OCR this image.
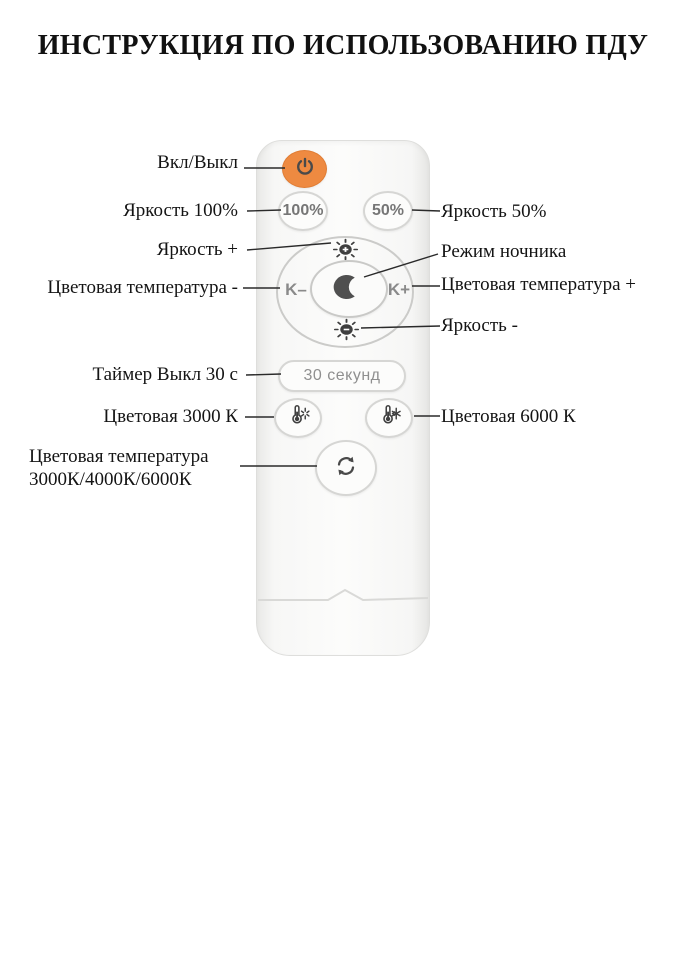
ИНСТРУКЦИЯ ПО ИСПОЛЬЗОВАНИЮ ПДУ
100%	50%
K–	K+
30 секунд
Вкл/Выкл
Яркость 100%
Яркость +
Цветовая температура -
Таймер Выкл 30 с
Цветовая 3000 К
Цветовая температура
3000К/4000К/6000К
Яркость 50%
Режим ночника
Цветовая температура +
Яркость -
Цветовая 6000 К
